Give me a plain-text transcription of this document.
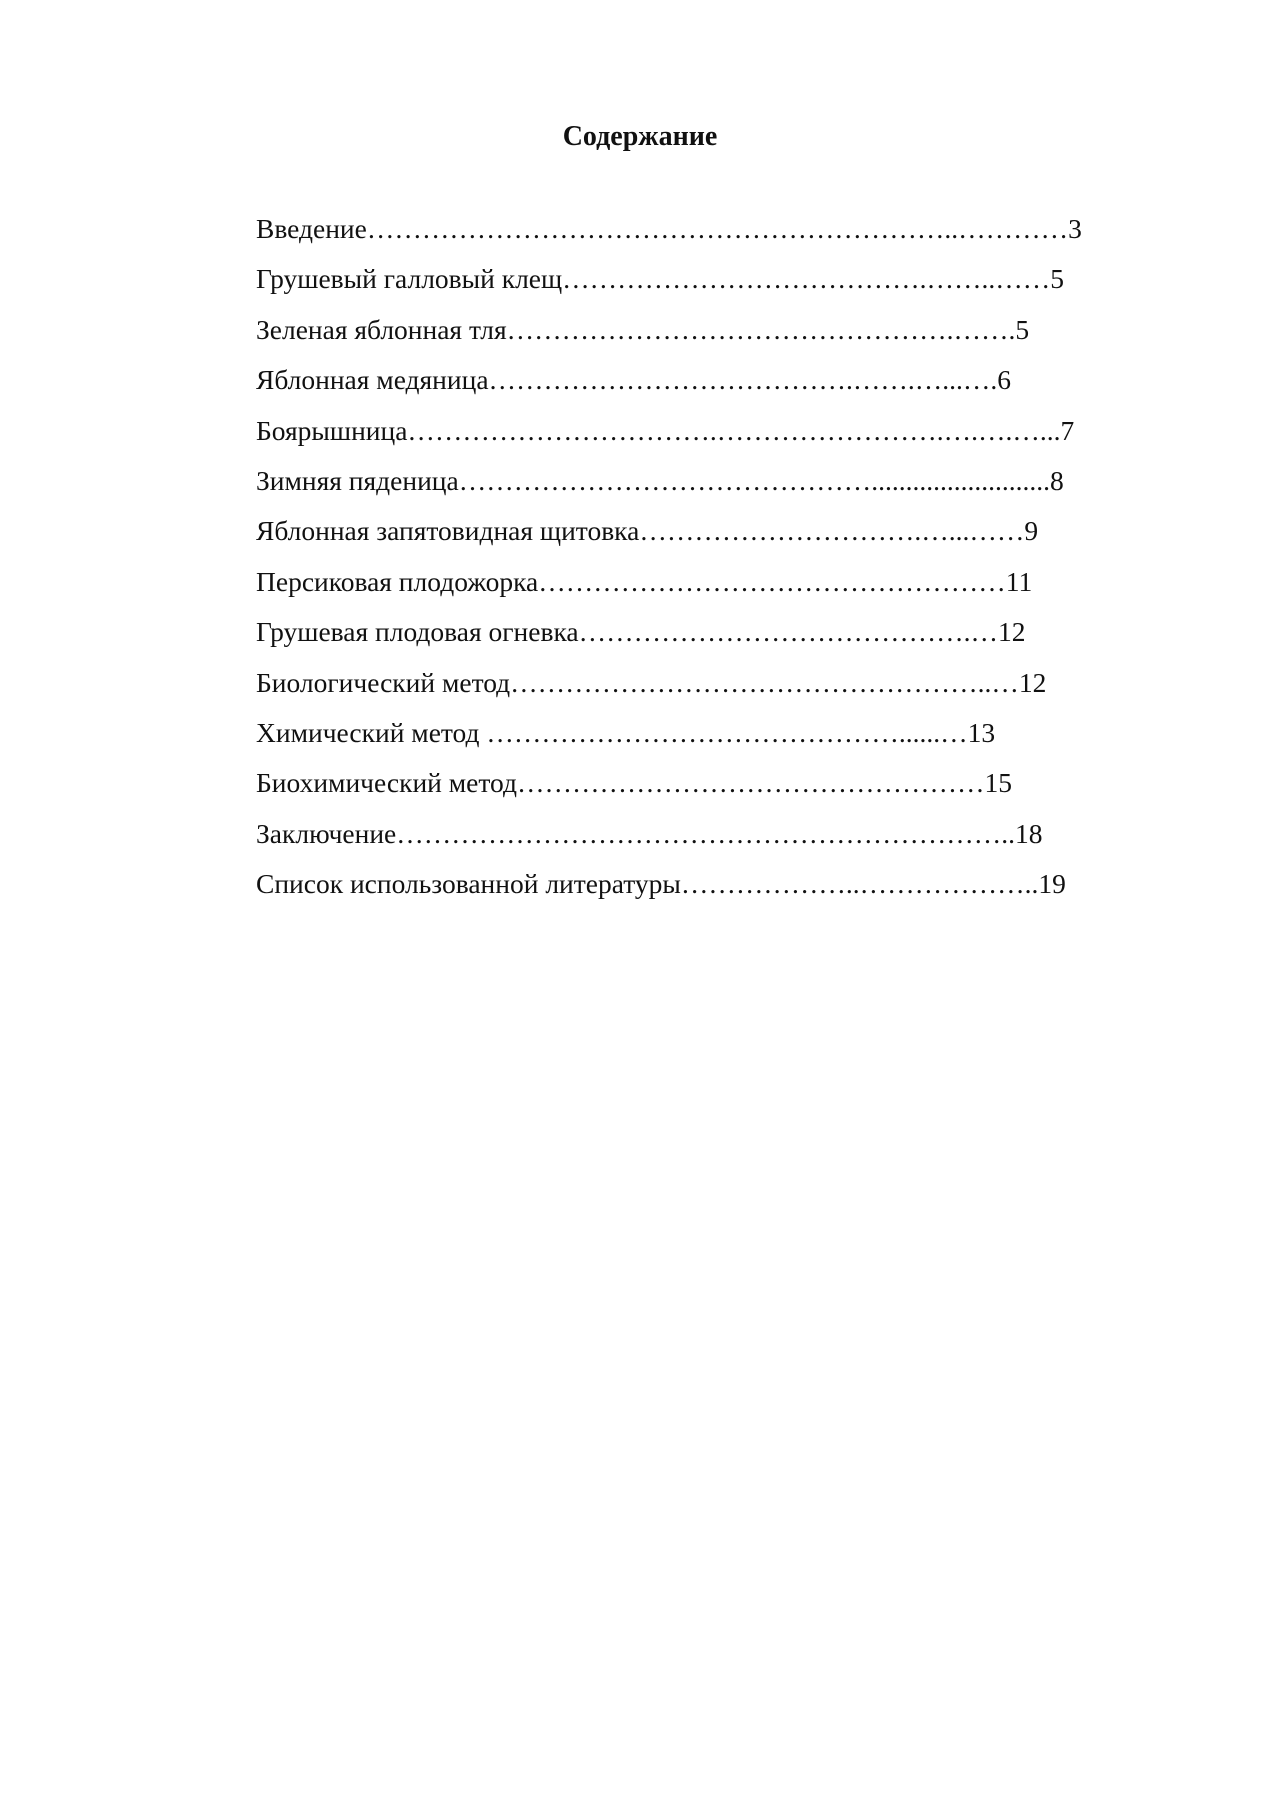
Содержание
Введение………………………………………………………..…………3
Грушевый галловый клещ………………………………….……..……5
Зеленая яблонная тля………………………………………….…….5
Яблонная медяница………………………………….…….…...….6
Боярышница…………………………….…………………….….….…...7
Зимняя пяденица………………………………………..........................8
Яблонная запятовидная щитовка………………………….…...……9
Персиковая плодожорка……………………………………………11
Грушевая плодовая огневка…………………………………….…12
Биологический метод……………………………………………..…12
Химический метод ………………………………………......…13
Биохимический метод……………………………………………15
Заключение…………………………………………………………..18
Список использованной литературы………………..………………..19
